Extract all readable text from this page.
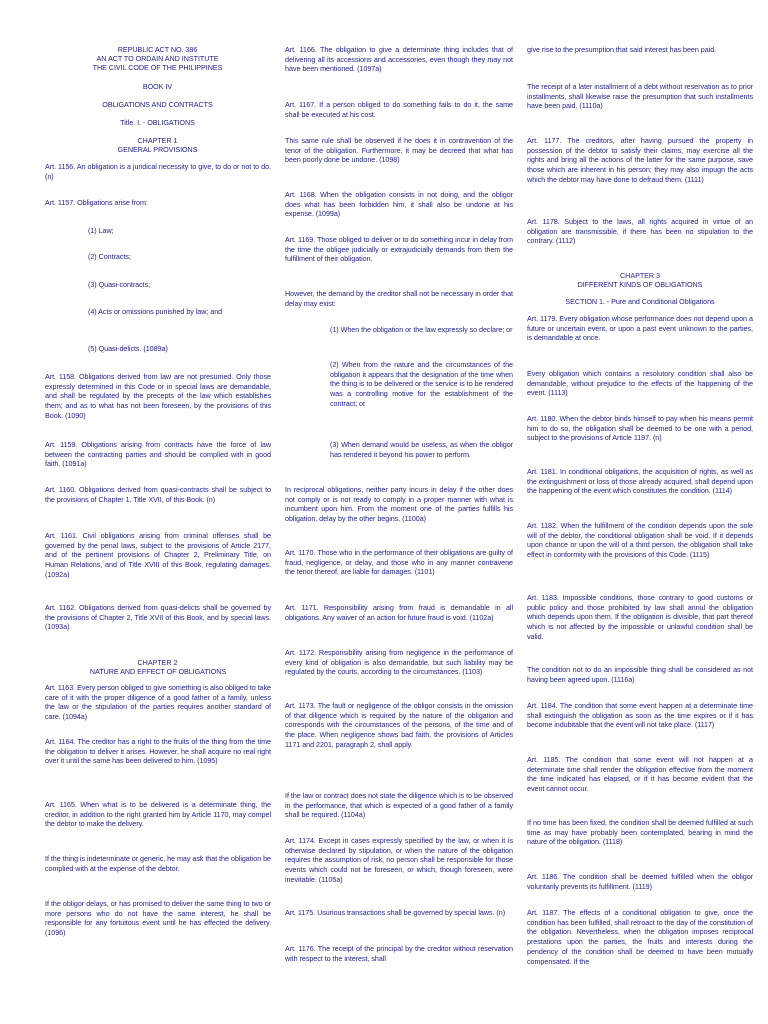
REPUBLIC ACT NO. 386
AN ACT TO ORDAIN AND INSTITUTE
THE CIVIL CODE OF THE PHILIPPINES
BOOK IV
OBLIGATIONS AND CONTRACTS
Title. I. - OBLIGATIONS
CHAPTER 1
GENERAL PROVISIONS
Art. 1156. An obligation is a juridical necessity to give, to do or not to do. (n)
Art. 1157. Obligations arise from:
(1) Law;
(2) Contracts;
(3) Quasi-contracts;
(4) Acts or omissions punished by law; and
(5) Quasi-delicts. (1089a)
Art. 1158. Obligations derived from law are not presumed. Only those expressly determined in this Code or in special laws are demandable, and shall be regulated by the precepts of the law which establishes them; and as to what has not been foreseen, by the provisions of this Book. (1090)
Art. 1159. Obligations arising from contracts have the force of law between the contracting parties and should be complied with in good faith. (1091a)
Art. 1160. Obligations derived from quasi-contracts shall be subject to the provisions of Chapter 1, Title XVII, of this Book. (n)
Art. 1161. Civil obligations arising from criminal offenses shall be governed by the penal laws, subject to the provisions of Article 2177, and of the pertinent provisions of Chapter 2, Preliminary Title, on Human Relations, and of Title XVIII of this Book, regulating damages. (1092a)
Art. 1162. Obligations derived from quasi-delicts shall be governed by the provisions of Chapter 2, Title XVII of this Book, and by special laws. (1093a)
CHAPTER 2
NATURE AND EFFECT OF OBLIGATIONS
Art. 1163. Every person obliged to give something is also obliged to take care of it with the proper diligence of a good father of a family, unless the law or the stipulation of the parties requires another standard of care. (1094a)
Art. 1164. The creditor has a right to the fruits of the thing from the time the obligation to deliver it arises. However, he shall acquire no real right over it until the same has been delivered to him. (1095)
Art. 1165. When what is to be delivered is a determinate thing, the creditor, in addition to the right granted him by Article 1170, may compel the debtor to make the delivery.
If the thing is indeterminate or generic, he may ask that the obligation be complied with at the expense of the debtor.
If the obligor delays, or has promised to deliver the same thing to two or more persons who do not have the same interest, he shall be responsible for any fortuitous event until he has effected the delivery. (1096)
Art. 1166. The obligation to give a determinate thing includes that of delivering all its accessions and accessories, even though they may not have been mentioned. (1097a)
Art. 1167. If a person obliged to do something fails to do it, the same shall be executed at his cost.
This same rule shall be observed if he does it in contravention of the tenor of the obligation. Furthermore, it may be decreed that what has been poorly done be undone. (1098)
Art. 1168. When the obligation consists in not doing, and the obligor does what has been forbidden him, it shall also be undone at his expense. (1099a)
Art. 1169. Those obliged to deliver or to do something incur in delay from the time the obligee judicially or extrajudicially demands from them the fulfillment of their obligation.
However, the demand by the creditor shall not be necessary in order that delay may exist:
(1) When the obligation or the law expressly so declare; or
(2) When from the nature and the circumstances of the obligation it appears that the designation of the time when the thing is to be delivered or the service is to be rendered was a controlling motive for the establishment of the contract; or
(3) When demand would be useless, as when the obligor has rendered it beyond his power to perform.
In reciprocal obligations, neither party incurs in delay if the other does not comply or is not ready to comply in a proper manner with what is incumbent upon him. From the moment one of the parties fulfills his obligation, delay by the other begins. (1100a)
Art. 1170. Those who in the performance of their obligations are guilty of fraud, negligence, or delay, and those who in any manner contravene the tenor thereof, are liable for damages. (1101)
Art. 1171. Responsibility arising from fraud is demandable in all obligations. Any waiver of an action for future fraud is void. (1102a)
Art. 1172. Responsibility arising from negligence in the performance of every kind of obligation is also demandable, but such liability may be regulated by the courts, according to the circumstances. (1103)
Art. 1173. The fault or negligence of the obligor consists in the omission of that diligence which is required by the nature of the obligation and corresponds with the circumstances of the persons, of the time and of the place. When negligence shows bad faith, the provisions of Articles 1171 and 2201, paragraph 2, shall apply.
If the law or contract does not state the diligence which is to be observed in the performance, that which is expected of a good father of a family shall be required. (1104a)
Art. 1174. Except in cases expressly specified by the law, or when it is otherwise declared by stipulation, or when the nature of the obligation requires the assumption of risk, no person shall be responsible for those events which could not be foreseen, or which, though foreseen, were inevitable. (1105a)
Art. 1175. Usurious transactions shall be governed by special laws. (n)
Art. 1176. The receipt of the principal by the creditor without reservation with respect to the interest, shall
give rise to the presumption that said interest has been paid.
The receipt of a later installment of a debt without reservation as to prior installments, shall likewise raise the presumption that such installments have been paid. (1110a)
Art. 1177. The creditors, after having pursued the property in possession of the debtor to satisfy their claims, may exercise all the rights and bring all the actions of the latter for the same purpose, save those which are inherent in his person; they may also impugn the acts which the debtor may have done to defraud them. (1111)
Art. 1178. Subject to the laws, all rights acquired in virtue of an obligation are transmissible, if there has been no stipulation to the contrary. (1112)
CHAPTER 3
DIFFERENT KINDS OF OBLIGATIONS
SECTION 1. - Pure and Conditional Obligations
Art. 1179. Every obligation whose performance does not depend upon a future or uncertain event, or upon a past event unknown to the parties, is demandable at once.
Every obligation which contains a resolutory condition shall also be demandable, without prejudice to the effects of the happening of the event. (1113)
Art. 1180. When the debtor binds himself to pay when his means permit him to do so, the obligation shall be deemed to be one with a period, subject to the provisions of Article 1197. (n)
Art. 1181. In conditional obligations, the acquisition of rights, as well as the extinguishment or loss of those already acquired, shall depend upon the happening of the event which constitutes the condition. (1114)
Art. 1182. When the fulfillment of the condition depends upon the sole will of the debtor, the conditional obligation shall be void. If it depends upon chance or upon the will of a third person, the obligation shall take effect in conformity with the provisions of this Code. (1115)
Art. 1183. Impossible conditions, those contrary to good customs or public policy and those prohibited by law shall annul the obligation which depends upon them. If the obligation is divisible, that part thereof which is not affected by the impossible or unlawful condition shall be valid.
The condition not to do an impossible thing shall be considered as not having been agreed upon. (1116a)
Art. 1184. The condition that some event happen at a determinate time shall extinguish the obligation as soon as the time expires or if it has become indubitable that the event will not take place. (1117)
Art. 1185. The condition that some event will not happen at a determinate time shall render the obligation effective from the moment the time indicated has elapsed, or if it has become evident that the event cannot occur.
If no time has been fixed, the condition shall be deemed fulfilled at such time as may have probably been contemplated, bearing in mind the nature of the obligation. (1118)
Art. 1186. The condition shall be deemed fulfilled when the obligor voluntarily prevents its fulfillment. (1119)
Art. 1187. The effects of a conditional obligation to give, once the condition has been fulfilled, shall retroact to the day of the constitution of the obligation. Nevertheless, when the obligation imposes reciprocal prestations upon the parties, the fruits and interests during the pendency of the condition shall be deemed to have been mutually compensated. If the
